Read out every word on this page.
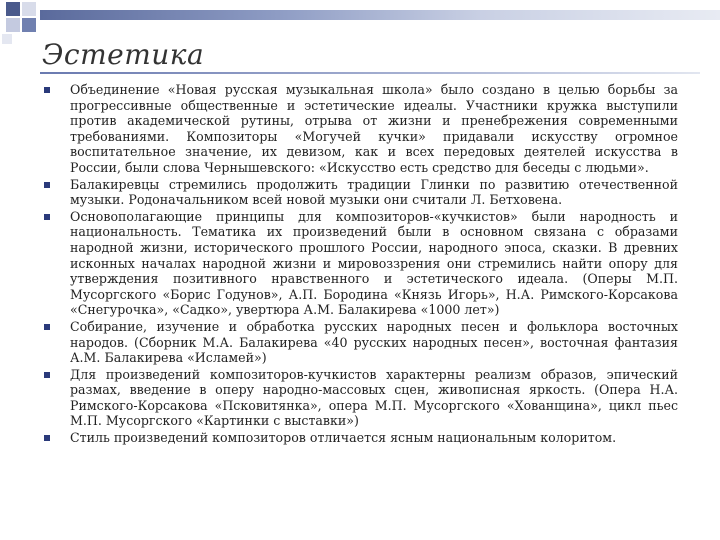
Эстетика
Объединение «Новая русская музыкальная школа» было создано в целью борьбы за прогрессивные общественные и эстетические идеалы. Участники кружка выступили против академической рутины, отрыва от жизни и пренебрежения современными требованиями. Композиторы «Могучей кучки» придавали искусству огромное воспитательное значение, их девизом, как и всех передовых деятелей искусства в России, были слова Чернышевского: «Искусство есть средство для беседы с людьми».
Балакиревцы стремились продолжить традиции Глинки по развитию отечественной музыки. Родоначальником всей новой музыки они считали Л. Бетховена.
Основополагающие принципы для композиторов-«кучкистов» были народность и национальность. Тематика их произведений были в основном связана с образами народной жизни, исторического прошлого России, народного эпоса, сказки. В древних исконных началах народной жизни и мировоззрения они стремились найти опору для утверждения позитивного нравственного и эстетического идеала. (Оперы М.П. Мусоргского «Борис Годунов», А.П. Бородина «Князь Игорь», Н.А. Римского-Корсакова «Снегурочка», «Садко», увертюра А.М. Балакирева «1000 лет»)
Собирание, изучение и обработка русских народных песен и фольклора восточных народов. (Сборник М.А. Балакирева «40 русских народных песен», восточная фантазия А.М. Балакирева «Исламей»)
Для произведений композиторов-кучкистов характерны реализм образов, эпический размах, введение в оперу народно-массовых сцен, живописная яркость. (Опера Н.А. Римского-Корсакова «Псковитянка», опера М.П. Мусоргского «Хованщина», цикл пьес М.П. Мусоргского «Картинки с выставки»)
Стиль произведений композиторов отличается ясным национальным колоритом.
